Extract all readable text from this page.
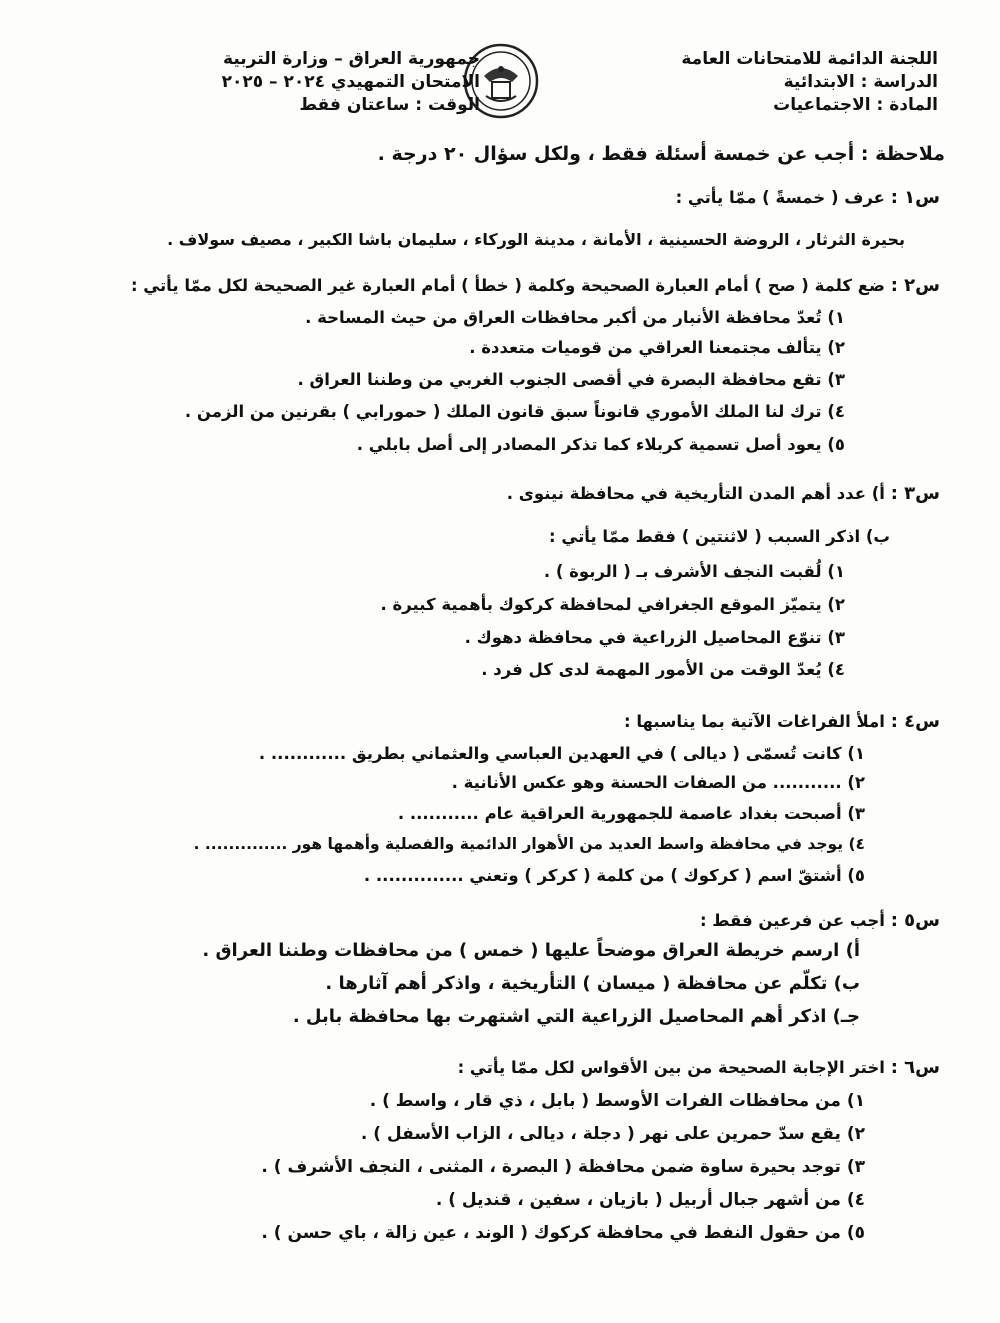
اللجنة الدائمة للامتحانات العامة
الدراسة : الابتدائية
المادة : الاجتماعيات
جمهورية العراق – وزارة التربية
الامتحان التمهيدي ٢٠٢٤ – ٢٠٢٥
الوقت : ساعتان فقط
ملاحظة : أجب عن خمسة أسئلة فقط ، ولكل سؤال ٢٠ درجة .
س١ : عرف ( خمسةً ) ممّا يأتي :
بحيرة الثرثار ، الروضة الحسينية ، الأمانة ، مدينة الوركاء ، سليمان باشا الكبير ، مصيف سولاف .
س٢ : ضع كلمة ( صح ) أمام العبارة الصحيحة وكلمة ( خطأ ) أمام العبارة غير الصحيحة لكل ممّا يأتي :
١) تُعدّ محافظة الأنبار من أكبر محافظات العراق من حيث المساحة .
٢) يتألف مجتمعنا العراقي من قوميات متعددة .
٣) تقع محافظة البصرة في أقصى الجنوب الغربي من وطننا العراق .
٤) ترك لنا الملك الأموري قانوناً سبق قانون الملك ( حمورابي ) بقرنين من الزمن .
٥) يعود أصل تسمية كربلاء كما تذكر المصادر إلى أصل بابلي .
س٣ : أ) عدد أهم المدن التأريخية في محافظة نينوى .
ب) اذكر السبب ( لاثنتين ) فقط ممّا يأتي :
١) لُقبت النجف الأشرف بـ ( الربوة ) .
٢) يتميّز الموقع الجغرافي لمحافظة كركوك بأهمية كبيرة .
٣) تنوّع المحاصيل الزراعية في محافظة دهوك .
٤) يُعدّ الوقت من الأمور المهمة لدى كل فرد .
س٤ : املأ الفراغات الآتية بما يناسبها :
١) كانت تُسمّى ( ديالى ) في العهدين العباسي والعثماني بطريق ............ .
٢) ........... من الصفات الحسنة وهو عكس الأنانية .
٣) أصبحت بغداد عاصمة للجمهورية العراقية عام ........... .
٤) يوجد في محافظة واسط العديد من الأهوار الدائمية والفصلية وأهمها هور .............. .
٥) أشتقّ اسم ( كركوك ) من كلمة ( كركر ) وتعني .............. .
س٥ : أجب عن فرعين فقط :
أ) ارسم خريطة العراق موضحاً عليها ( خمس ) من محافظات وطننا العراق .
ب) تكلّم عن محافظة ( ميسان ) التأريخية ، واذكر أهم آثارها .
جـ) اذكر أهم المحاصيل الزراعية التي اشتهرت بها محافظة بابل .
س٦ : اختر الإجابة الصحيحة من بين الأقواس لكل ممّا يأتي :
١) من محافظات الفرات الأوسط ( بابل ، ذي قار ، واسط ) .
٢) يقع سدّ حمرين على نهر ( دجلة ، ديالى ، الزاب الأسفل ) .
٣) توجد بحيرة ساوة ضمن محافظة ( البصرة ، المثنى ، النجف الأشرف ) .
٤) من أشهر جبال أربيل ( بازيان ، سفين ، قنديل ) .
٥) من حقول النفط في محافظة كركوك ( الوند ، عين زالة ، باي حسن ) .
